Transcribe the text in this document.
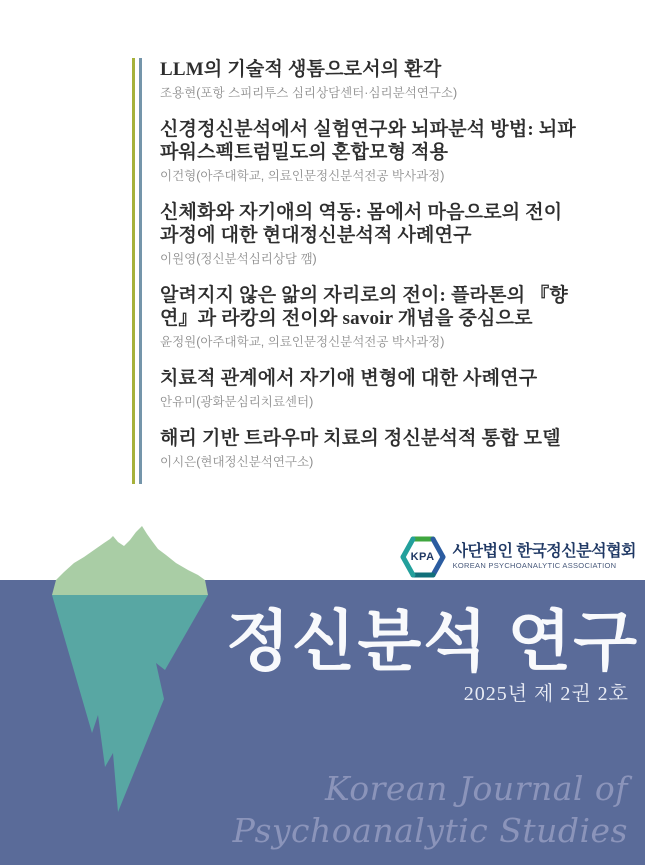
LLM의 기술적 생톰으로서의 환각
조용현(포항 스피리투스 심리상담센터·심리분석연구소)
신경정신분석에서 실험연구와 뇌파분석 방법: 뇌파 파워스펙트럼밀도의 혼합모형 적용
이건형(아주대학교, 의료인문정신분석전공 박사과정)
신체화와 자기애의 역동: 몸에서 마음으로의 전이 과정에 대한 현대정신분석적 사례연구
이원영(정신분석심리상담 깸)
알려지지 않은 앎의 자리로의 전이: 플라톤의 『향연』과 라캉의 전이와 savoir 개념을 중심으로
윤정원(아주대학교, 의료인문정신분석전공 박사과정)
치료적 관계에서 자기애 변형에 대한 사례연구
안유미(광화문심리치료센터)
해리 기반 트라우마 치료의 정신분석적 통합 모델
이시은(현대정신분석연구소)
KPA	사단법인 한국정신분석협회
KOREAN PSYCHOANALYTIC ASSOCIATION
정신분석 연구
2025년 제 2권 2호
Korean Journal of
Psychoanalytic Studies
